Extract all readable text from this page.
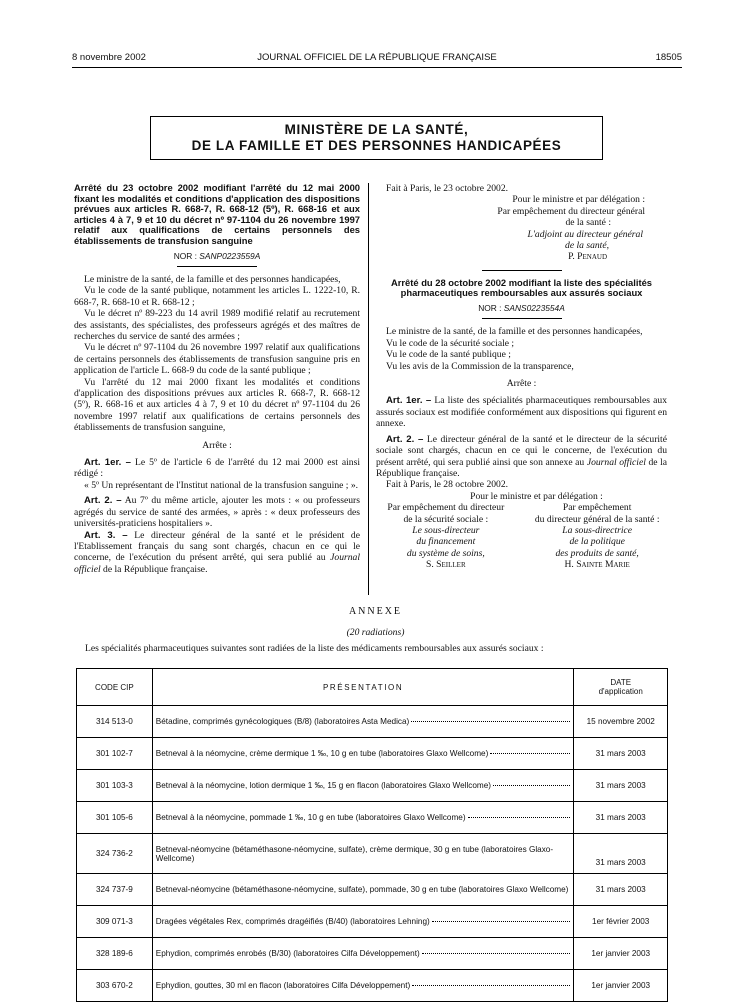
8 novembre 2002	JOURNAL OFFICIEL DE LA RÉPUBLIQUE FRANÇAISE	18505
MINISTÈRE DE LA SANTÉ,
DE LA FAMILLE ET DES PERSONNES HANDICAPÉES
Arrêté du 23 octobre 2002 modifiant l'arrêté du 12 mai 2000 fixant les modalités et conditions d'application des dispositions prévues aux articles R. 668-7, R. 668-12 (5º), R. 668-16 et aux articles 4 à 7, 9 et 10 du décret nº 97-1104 du 26 novembre 1997 relatif aux qualifications de certains personnels des établissements de transfusion sanguine
NOR : SANP0223559A

Le ministre de la santé, de la famille et des personnes handicapées,

Vu le code de la santé publique, notamment les articles L. 1222-10, R. 668-7, R. 668-10 et R. 668-12 ;

Vu le décret nº 89-223 du 14 avril 1989 modifié relatif au recrutement des assistants, des spécialistes, des professeurs agrégés et des maîtres de recherches du service de santé des armées ;

Vu le décret nº 97-1104 du 26 novembre 1997 relatif aux qualifications de certains personnels des établissements de transfusion sanguine pris en application de l'article L. 668-9 du code de la santé publique ;

Vu l'arrêté du 12 mai 2000 fixant les modalités et conditions d'application des dispositions prévues aux articles R. 668-7, R. 668-12 (5º), R. 668-16 et aux articles 4 à 7, 9 et 10 du décret nº 97-1104 du 26 novembre 1997 relatif aux qualifications de certains personnels des établissements de transfusion sanguine,

Arrête :

Art. 1er. – Le 5º de l'article 6 de l'arrêté du 12 mai 2000 est ainsi rédigé :

« 5º Un représentant de l'Institut national de la transfusion sanguine ; ».

Art. 2. – Au 7º du même article, ajouter les mots : « ou professeurs agrégés du service de santé des armées, » après : « deux professeurs des universités-praticiens hospitaliers ».

Art. 3. – Le directeur général de la santé et le président de l'Etablissement français du sang sont chargés, chacun en ce qui le concerne, de l'exécution du présent arrêté, qui sera publié au Journal officiel de la République française.

Fait à Paris, le 23 octobre 2002.

Pour le ministre et par délégation :
Par empêchement du directeur général
de la santé :
L'adjoint au directeur général
de la santé,
P. Penaud
Arrêté du 28 octobre 2002 modifiant la liste des spécialités pharmaceutiques remboursables aux assurés sociaux
NOR : SANS0223554A

Le ministre de la santé, de la famille et des personnes handicapées,

Vu le code de la sécurité sociale ;

Vu le code de la santé publique ;

Vu les avis de la Commission de la transparence,

Arrête :

Art. 1er. – La liste des spécialités pharmaceutiques remboursables aux assurés sociaux est modifiée conformément aux dispositions qui figurent en annexe.

Art. 2. – Le directeur général de la santé et le directeur de la sécurité sociale sont chargés, chacun en ce qui le concerne, de l'exécution du présent arrêté, qui sera publié ainsi que son annexe au Journal officiel de la République française.

Fait à Paris, le 28 octobre 2002.

Pour le ministre et par délégation :

Par empêchement du directeur
de la sécurité sociale :
Le sous-directeur
du financement
du système de soins,
S. Seiller
Par empêchement
du directeur général de la santé :
La sous-directrice
de la politique
des produits de santé,
H. Sainte Marie
ANNEXE
(20 radiations)
Les spécialités pharmaceutiques suivantes sont radiées de la liste des médicaments remboursables aux assurés sociaux :
CODE CIP	PRÉSENTATION	DATE
d'application

314 513-0	Bétadine, comprimés gynécologiques (B/8) (laboratoires Asta Medica)	15 novembre 2002
301 102-7	Betneval à la néomycine, crème dermique 1 ‰, 10 g en tube (laboratoires Glaxo Wellcome)	31 mars 2003
301 103-3	Betneval à la néomycine, lotion dermique 1 ‰, 15 g en flacon (laboratoires Glaxo Wellcome)	31 mars 2003
301 105-6	Betneval à la néomycine, pommade 1 ‰, 10 g en tube (laboratoires Glaxo Wellcome)	31 mars 2003
324 736-2	Betneval-néomycine (bétaméthasone-néomycine, sulfate), crème dermique, 30 g en tube (laboratoires Glaxo-Wellcome)	31 mars 2003
324 737-9	Betneval-néomycine (bétaméthasone-néomycine, sulfate), pommade, 30 g en tube (laboratoires Glaxo Wellcome)	31 mars 2003
309 071-3	Dragées végétales Rex, comprimés dragéifiés (B/40) (laboratoires Lehning)	1er février 2003
328 189-6	Ephydion, comprimés enrobés (B/30) (laboratoires Cilfa Développement)	1er janvier 2003
303 670-2	Ephydion, gouttes, 30 ml en flacon (laboratoires Cilfa Développement)	1er janvier 2003
